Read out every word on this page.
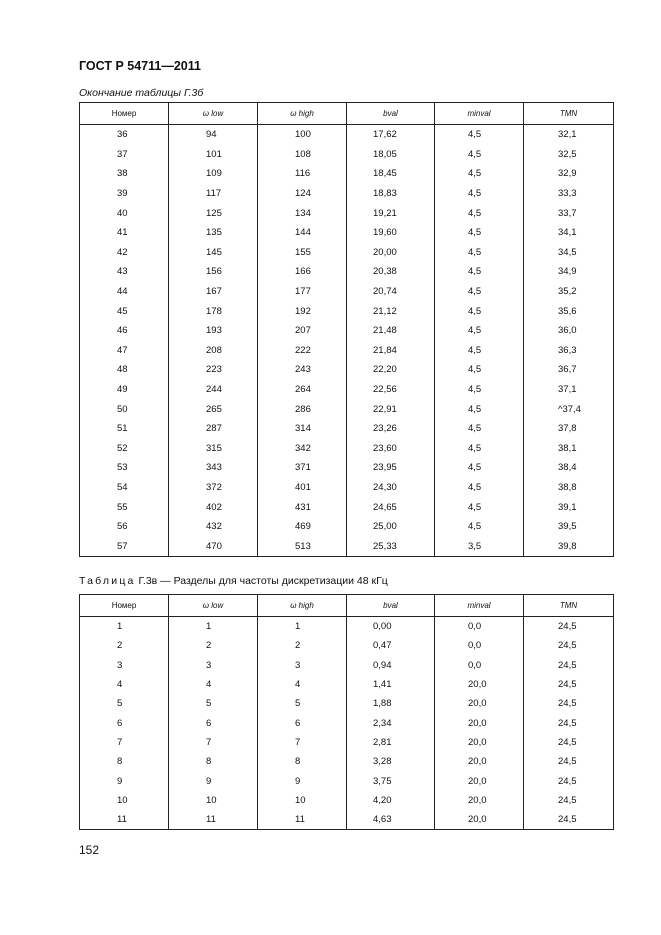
ГОСТ Р 54711—2011
Окончание таблицы Г.3б
Номер	ω low	ω high	bval	minval	TMN
36	94	100	17,62	4,5	32,1
37	101	108	18,05	4,5	32,5
38	109	116	18,45	4,5	32,9
39	117	124	18,83	4,5	33,3
40	125	134	19,21	4,5	33,7
41	135	144	19,60	4,5	34,1
42	145	155	20,00	4,5	34,5
43	156	166	20,38	4,5	34,9
44	167	177	20,74	4,5	35,2
45	178	192	21,12	4,5	35,6
46	193	207	21,48	4,5	36,0
47	208	222	21,84	4,5	36,3
48	223	243	22,20	4,5	36,7
49	244	264	22,56	4,5	37,1
50	265	286	22,91	4,5	^37,4
51	287	314	23,26	4,5	37,8
52	315	342	23,60	4,5	38,1
53	343	371	23,95	4,5	38,4
54	372	401	24,30	4,5	38,8
55	402	431	24,65	4,5	39,1
56	432	469	25,00	4,5	39,5
57	470	513	25,33	3,5	39,8
Таблица Г.3в — Разделы для частоты дискретизации 48 кГц
Номер	ω low	ω high	bval	minval	TMN
1	1	1	0,00	0,0	24,5
2	2	2	0,47	0,0	24,5
3	3	3	0,94	0,0	24,5
4	4	4	1,41	20,0	24,5
5	5	5	1,88	20,0	24,5
6	6	6	2,34	20,0	24,5
7	7	7	2,81	20,0	24,5
8	8	8	3,28	20,0	24,5
9	9	9	3,75	20,0	24,5
10	10	10	4,20	20,0	24,5
11	11	11	4,63	20,0	24,5
152
